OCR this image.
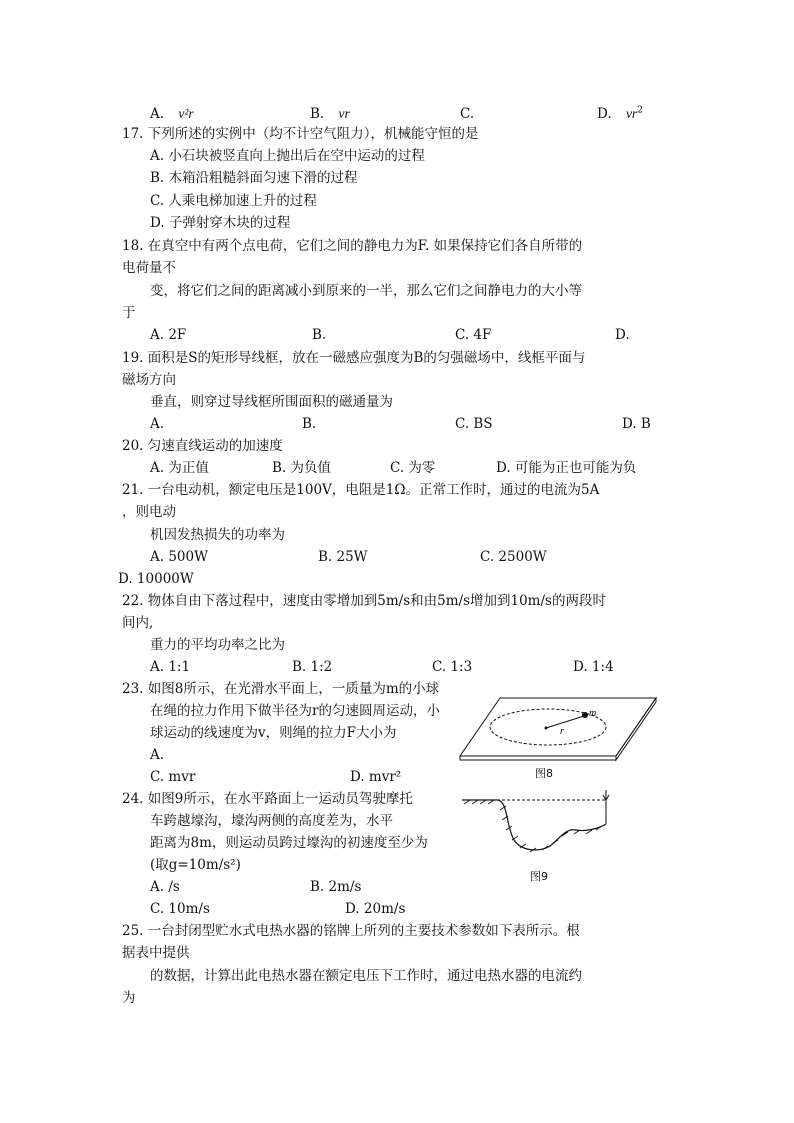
A. v²r	B. vr	C.	D. $vr^2$
17. 下列所述的实例中（均不计空气阻力），机械能守恒的是
A. 小石块被竖直向上抛出后在空中运动的过程
B. 木箱沿粗糙斜面匀速下滑的过程
C. 人乘电梯加速上升的过程
D. 子弹射穿木块的过程
18. 在真空中有两个点电荷，它们之间的静电力为F. 如果保持它们各自所带的
电荷量不
变，将它们之间的距离减小到原来的一半，那么它们之间静电力的大小等
于
A. 2F	B.	C. 4F	D.
19. 面积是S的矩形导线框，放在一磁感应强度为B的匀强磁场中，线框平面与
磁场方向
垂直，则穿过导线框所围面积的磁通量为
A.	B.	C. BS	D. B
20. 匀速直线运动的加速度
A. 为正值	B. 为负值	C. 为零	D. 可能为正也可能为负
21. 一台电动机，额定电压是100V，电阻是1Ω。正常工作时，通过的电流为5A
，则电动
机因发热损失的功率为
A. 500W	B. 25W	C. 2500W
D. 10000W
22. 物体自由下落过程中，速度由零增加到5m/s和由5m/s增加到10m/s的两段时
间内,
重力的平均功率之比为
A. 1:1	B. 1:2	C. 1:3	D. 1:4
23. 如图8所示，在光滑水平面上，一质量为m的小球
在绳的拉力作用下做半径为r的匀速圆周运动，小
球运动的线速度为v，则绳的拉力F大小为
A.
C. mvr	D. mvr²
m
r
图8
24. 如图9所示，在水平路面上一运动员驾驶摩托
车跨越壕沟，壕沟两侧的高度差为，水平
距离为8m，则运动员跨过壕沟的初速度至少为
(取g=10m/s²)
A. /s	B. 2m/s
C. 10m/s	D. 20m/s
图9
25. 一台封闭型贮水式电热水器的铭牌上所列的主要技术参数如下表所示。根
据表中提供
的数据，计算出此电热水器在额定电压下工作时，通过电热水器的电流约
为
